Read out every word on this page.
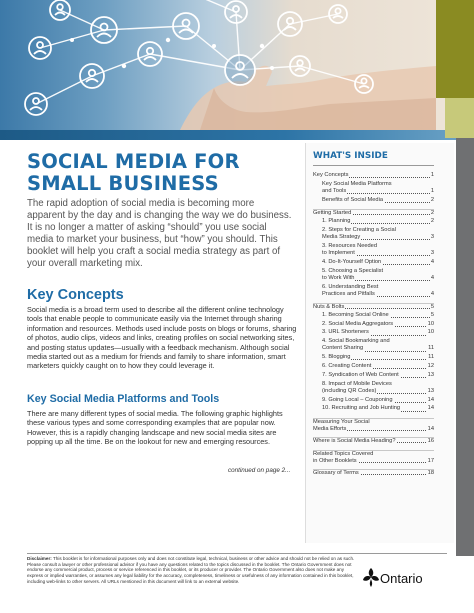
SOCIAL MEDIA FOR
SMALL BUSINESS

The rapid adoption of social media is becoming more apparent by the day and is changing the way we do business. It is no longer a matter of asking “should” you use social media to market your business, but “how” you should. This booklet will help you craft a social media strategy as part of your overall marketing mix.

Key Concepts

Social media is a broad term used to describe all the different online technology tools that enable people to communicate easily via the Internet through sharing information and resources. Methods used include posts on blogs or forums, sharing of photos, audio clips, videos and links, creating profiles on social networking sites, and posting status updates—usually with a feedback mechanism. Although social media started out as a medium for friends and family to share information, smart marketers quickly caught on to how they could leverage it.

Key Social Media Platforms and Tools

There are many different types of social media. The following graphic highlights these various types and some corresponding examples that are popular now. However, this is a rapidly changing landscape and new social media sites are popping up all the time. Be on the lookout for new and emerging resources.

continued on page 2...
WHAT'S INSIDE
Key Concepts	1
Key Social Media Platforms
and Tools	1
Benefits of Social Media	2
Getting Started	2
1. Planning	2
2. Steps for Creating a Social
Media Strategy	3
3. Resources Needed
to Implement	3
4. Do-It-Yourself Option	4
5. Choosing a Specialist
to Work With	4
6. Understanding Best
Practices and Pitfalls	4
Nuts & Bolts	5
1. Becoming Social Online	5
2. Social Media Aggregators	10
3. URL Shorteners	10
4. Social Bookmarking and
Content Sharing	11
5. Blogging	11
6. Creating Content	12
7. Syndication of Web Content	13
8. Impact of Mobile Devices
(including QR Codes)	13
9. Going Local – Couponing	14
10. Recruiting and Job Hunting	14
Measuring Your Social
Media Efforts	14
Where is Social Media Heading?	16
Related Topics Covered
in Other Booklets	17
Glossary of Terms	18

Disclaimer: This booklet is for informational purposes only and does not constitute legal, technical, business or other advice and should not be relied on as such. Please consult a lawyer or other professional advisor if you have any questions related to the topics discussed in the booklet. The Ontario Government does not endorse any commercial product, process or service referenced in this booklet, or its producer or provider. The Ontario Government also does not make any express or implied warranties, or assumes any legal liability for the accuracy, completeness, timeliness or usefulness of any information contained in this booklet, including web-links to other servers. All URLs mentioned in this document will link to an external website.	Ontario
